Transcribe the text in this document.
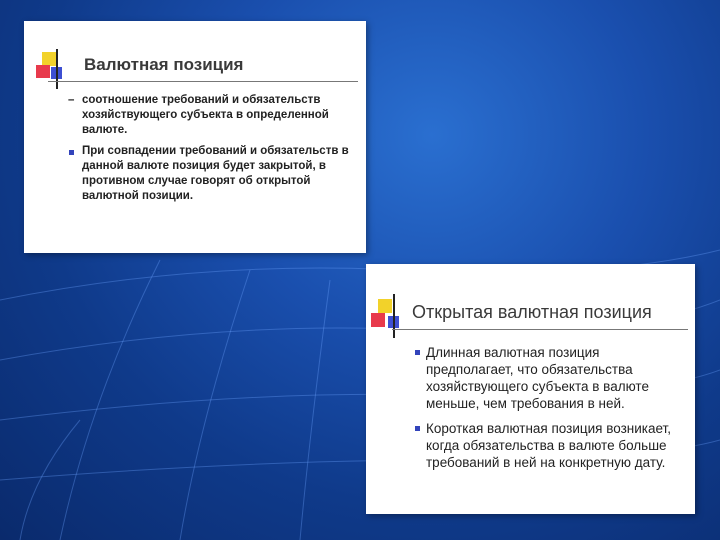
Валютная позиция
– соотношение требований и обязательств хозяйствующего субъекта в определенной валюте.
При совпадении требований и обязательств в данной валюте позиция будет закрытой, в противном случае говорят об открытой валютной позиции.
Открытая валютная позиция
Длинная валютная позиция предполагает, что обязательства хозяйствующего субъекта в валюте меньше, чем требования в ней.
Короткая валютная позиция возникает, когда обязательства в валюте больше требований в ней на конкретную дату.
